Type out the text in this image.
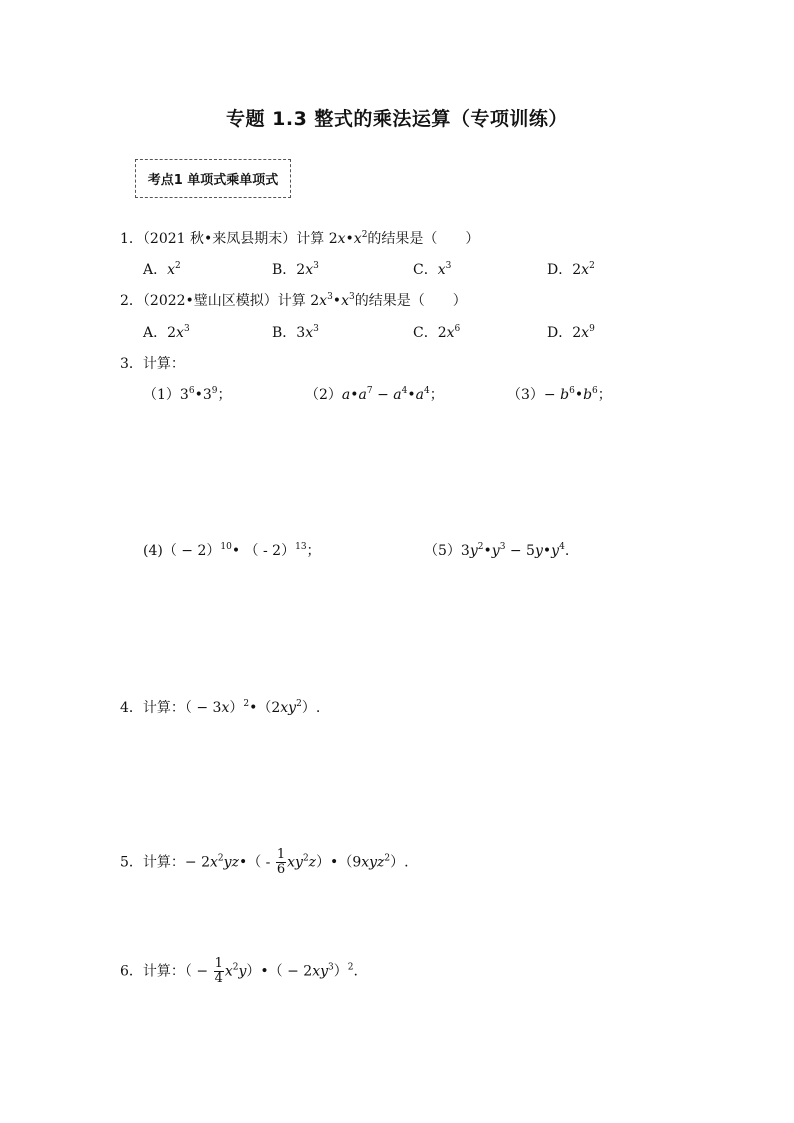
专题 1.3 整式的乘法运算（专项训练）
考点1 单项式乘单项式
1．（2021 秋•来凤县期末）计算 $2x•x^2$的结果是（　　）
A．$x^2$	B．$2x^3$	C．$x^3$	D．$2x^2$
2．（2022•璧山区模拟）计算 $2x^3•x^3$的结果是（　　）
A．$2x^3$	B．$3x^3$	C．$2x^6$	D．$2x^9$
3．计算：
$(1)3^6•3^9$；	$(2)a•a^7$ − $a^4•a^4$；	$(3)- b^6•b^6$；
$(4)( - 2)^{10}•$ （ - 2）$^{13}$；	$(5)3y^2•y^3$ − $5y•y^4$.
4．计算：（ − $3x)^2•(2xy^2)$.
5．计算：− $2x^2yz•( - \frac{1}{6}$ $xy^2z)•(9xyz^2)$.
6．计算：（ − $\frac{1}{4}$ $x^2y)•( - 2xy^3)^2$.
